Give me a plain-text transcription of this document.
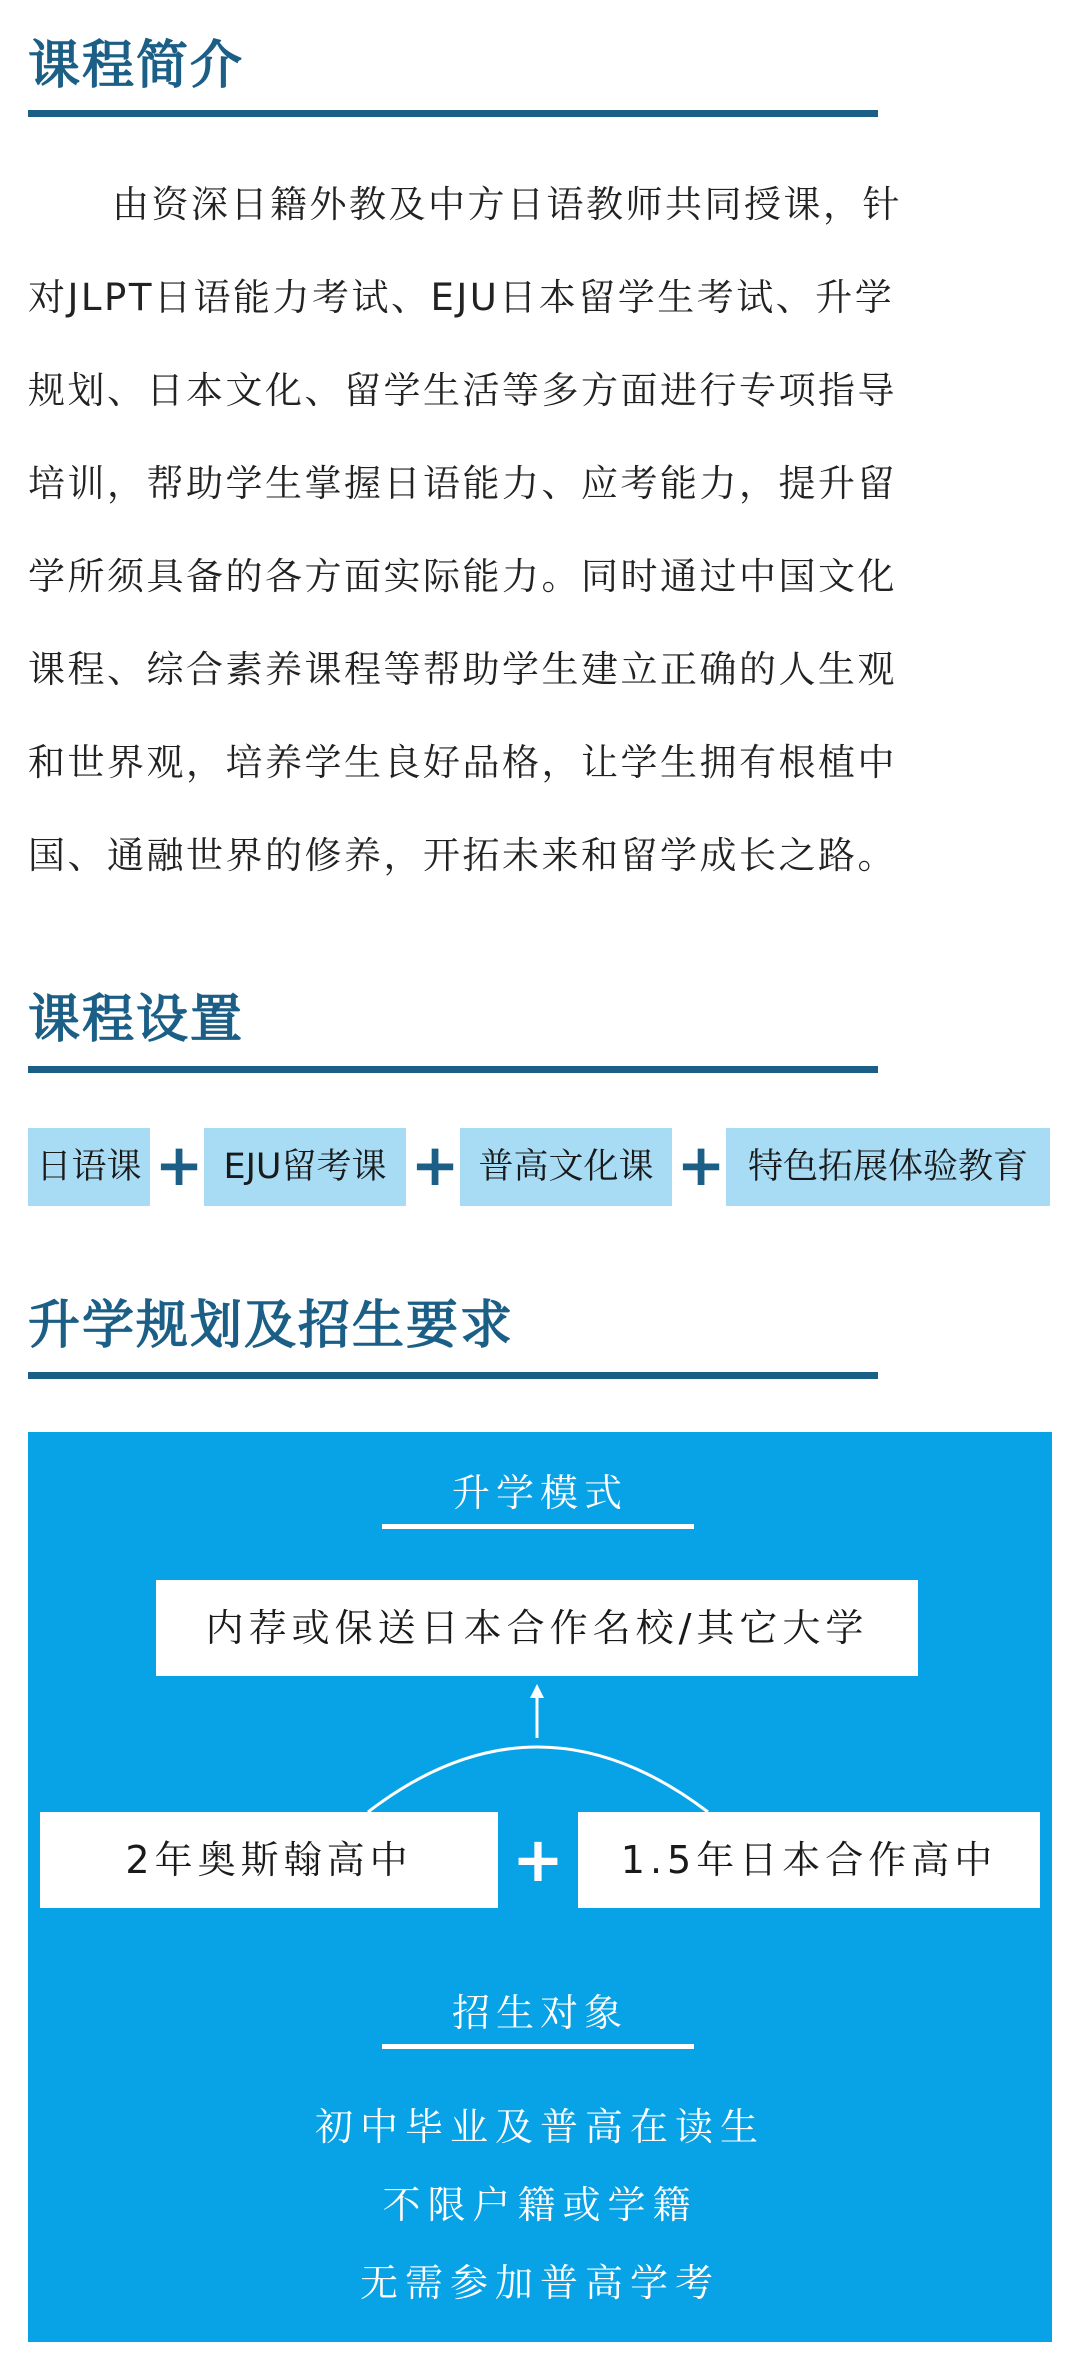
课程简介
由资深日籍外教及中方日语教师共同授课，针
对JLPT日语能力考试、EJU日本留学生考试、升学
规划、日本文化、留学生活等多方面进行专项指导
培训，帮助学生掌握日语能力、应考能力，提升留
学所须具备的各方面实际能力。同时通过中国文化
课程、综合素养课程等帮助学生建立正确的人生观
和世界观，培养学生良好品格，让学生拥有根植中
国、通融世界的修养，开拓未来和留学成长之路。
课程设置
日语课 + EJU留考课 + 普高文化课 + 特色拓展体验教育
升学规划及招生要求
升学模式
内荐或保送日本合作名校/其它大学
2年奥斯翰高中	+	1.5年日本合作高中
招生对象
初中毕业及普高在读生
不限户籍或学籍
无需参加普高学考
